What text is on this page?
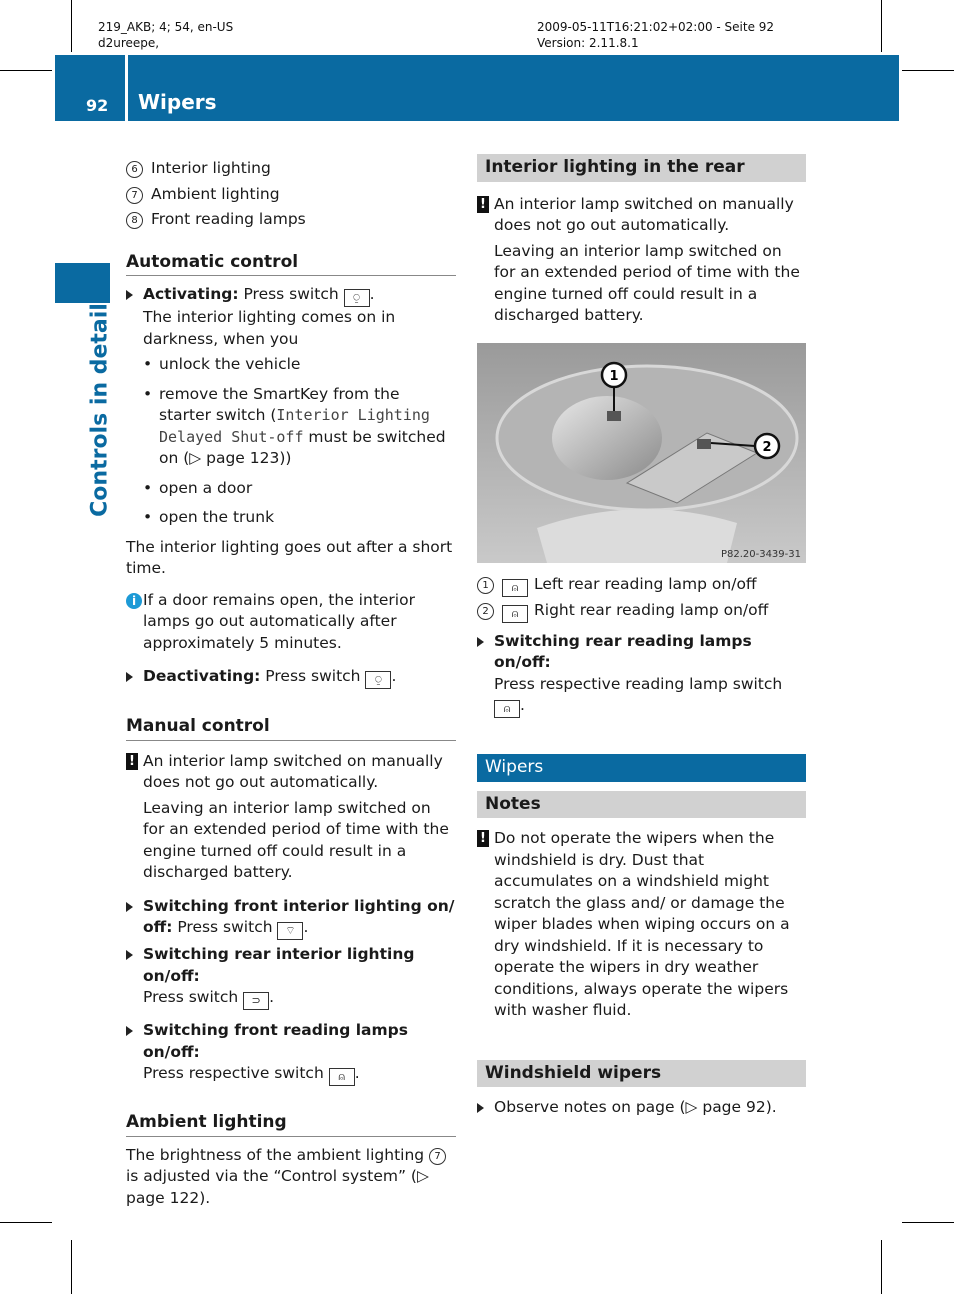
219_AKB; 4; 54, en-US
d2ureepe,
2009-05-11T16:21:02+02:00 - Seite 92
Version: 2.11.8.1
92 Wipers
Controls in detail
6 Interior lighting
7 Ambient lighting
8 Front reading lamps
Automatic control
Activating: Press switch ⍜ .

The interior lighting comes on in darkness, when you

• unlock the vehicle
• remove the SmartKey from the starter switch (Interior Lighting Delayed Shut-off must be switched on (▷ page 123))
• open a door
• open the trunk

The interior lighting goes out after a short time.

i If a door remains open, the interior lamps go out automatically after approximately 5 minutes.
Deactivating: Press switch ⍜ .
Manual control
! An interior lamp switched on manually does not go out automatically.

Leaving an interior lamp switched on for an extended period of time with the engine turned off could result in a discharged battery.

Switching front interior lighting on/ off: Press switch ⌔ .
Switching rear interior lighting on/off:
Press switch ⊃ .
Switching front reading lamps on/off:
Press respective switch ⍝ .
Ambient lighting

The brightness of the ambient lighting 7 is adjusted via the “Control system” (▷ page 122).

Interior lighting in the rear
! An interior lamp switched on manually does not go out automatically.

Leaving an interior lamp switched on for an extended period of time with the engine turned off could result in a discharged battery.

1
2
P82.20-3439-31
1 ⍝ Left rear reading lamp on/off
2 ⍝ Right rear reading lamp on/off
Switching rear reading lamps on/off:
Press respective reading lamp switch
⍝ .
Wipers
Notes
! Do not operate the wipers when the windshield is dry. Dust that accumulates on a windshield might scratch the glass and/ or damage the wiper blades when wiping occurs on a dry windshield. If it is necessary to operate the wipers in dry weather conditions, always operate the wipers with washer fluid.

Windshield wipers
Observe notes on page (▷ page 92).
